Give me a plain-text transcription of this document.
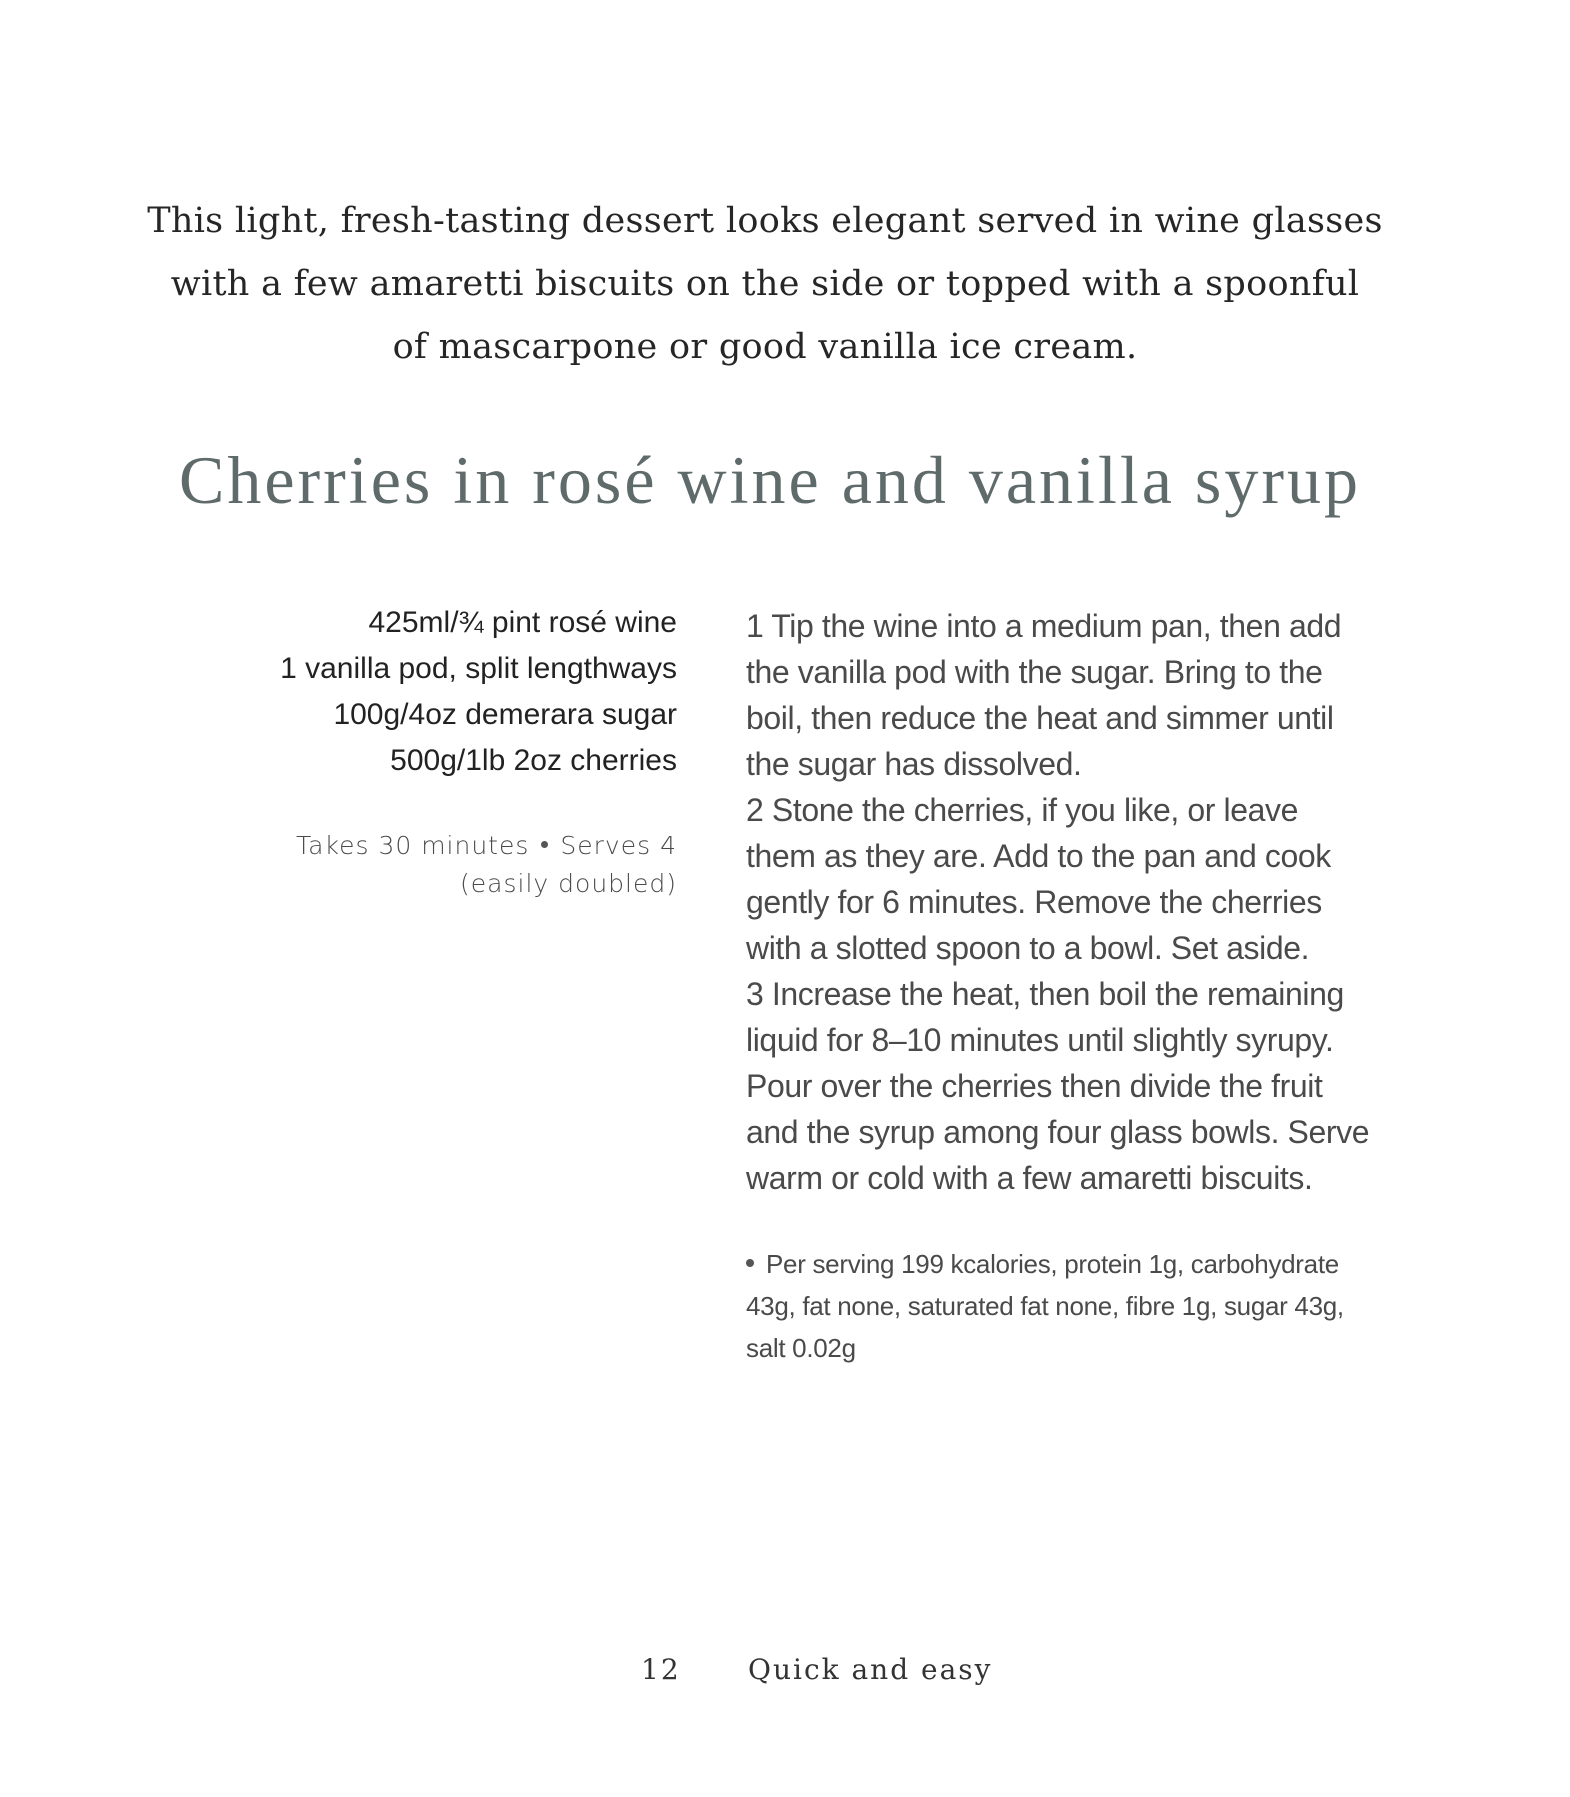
This light, fresh-tasting dessert looks elegant served in wine glasses
with a few amaretti biscuits on the side or topped with a spoonful
of mascarpone or good vanilla ice cream.
Cherries in rosé wine and vanilla syrup
425ml/¾ pint rosé wine
1 vanilla pod, split lengthways
100g/4oz demerara sugar
500g/1lb 2oz cherries
Takes 30 minutes Serves 4
(easily doubled)
1 Tip the wine into a medium pan, then add
the vanilla pod with the sugar. Bring to the
boil, then reduce the heat and simmer until
the sugar has dissolved.
2 Stone the cherries, if you like, or leave
them as they are. Add to the pan and cook
gently for 6 minutes. Remove the cherries
with a slotted spoon to a bowl. Set aside.
3 Increase the heat, then boil the remaining
liquid for 8–10 minutes until slightly syrupy.
Pour over the cherries then divide the fruit
and the syrup among four glass bowls. Serve
warm or cold with a few amaretti biscuits.
Per serving 199 kcalories, protein 1g, carbohydrate
43g, fat none, saturated fat none, fibre 1g, sugar 43g,
salt 0.02g
12 Quick and easy
